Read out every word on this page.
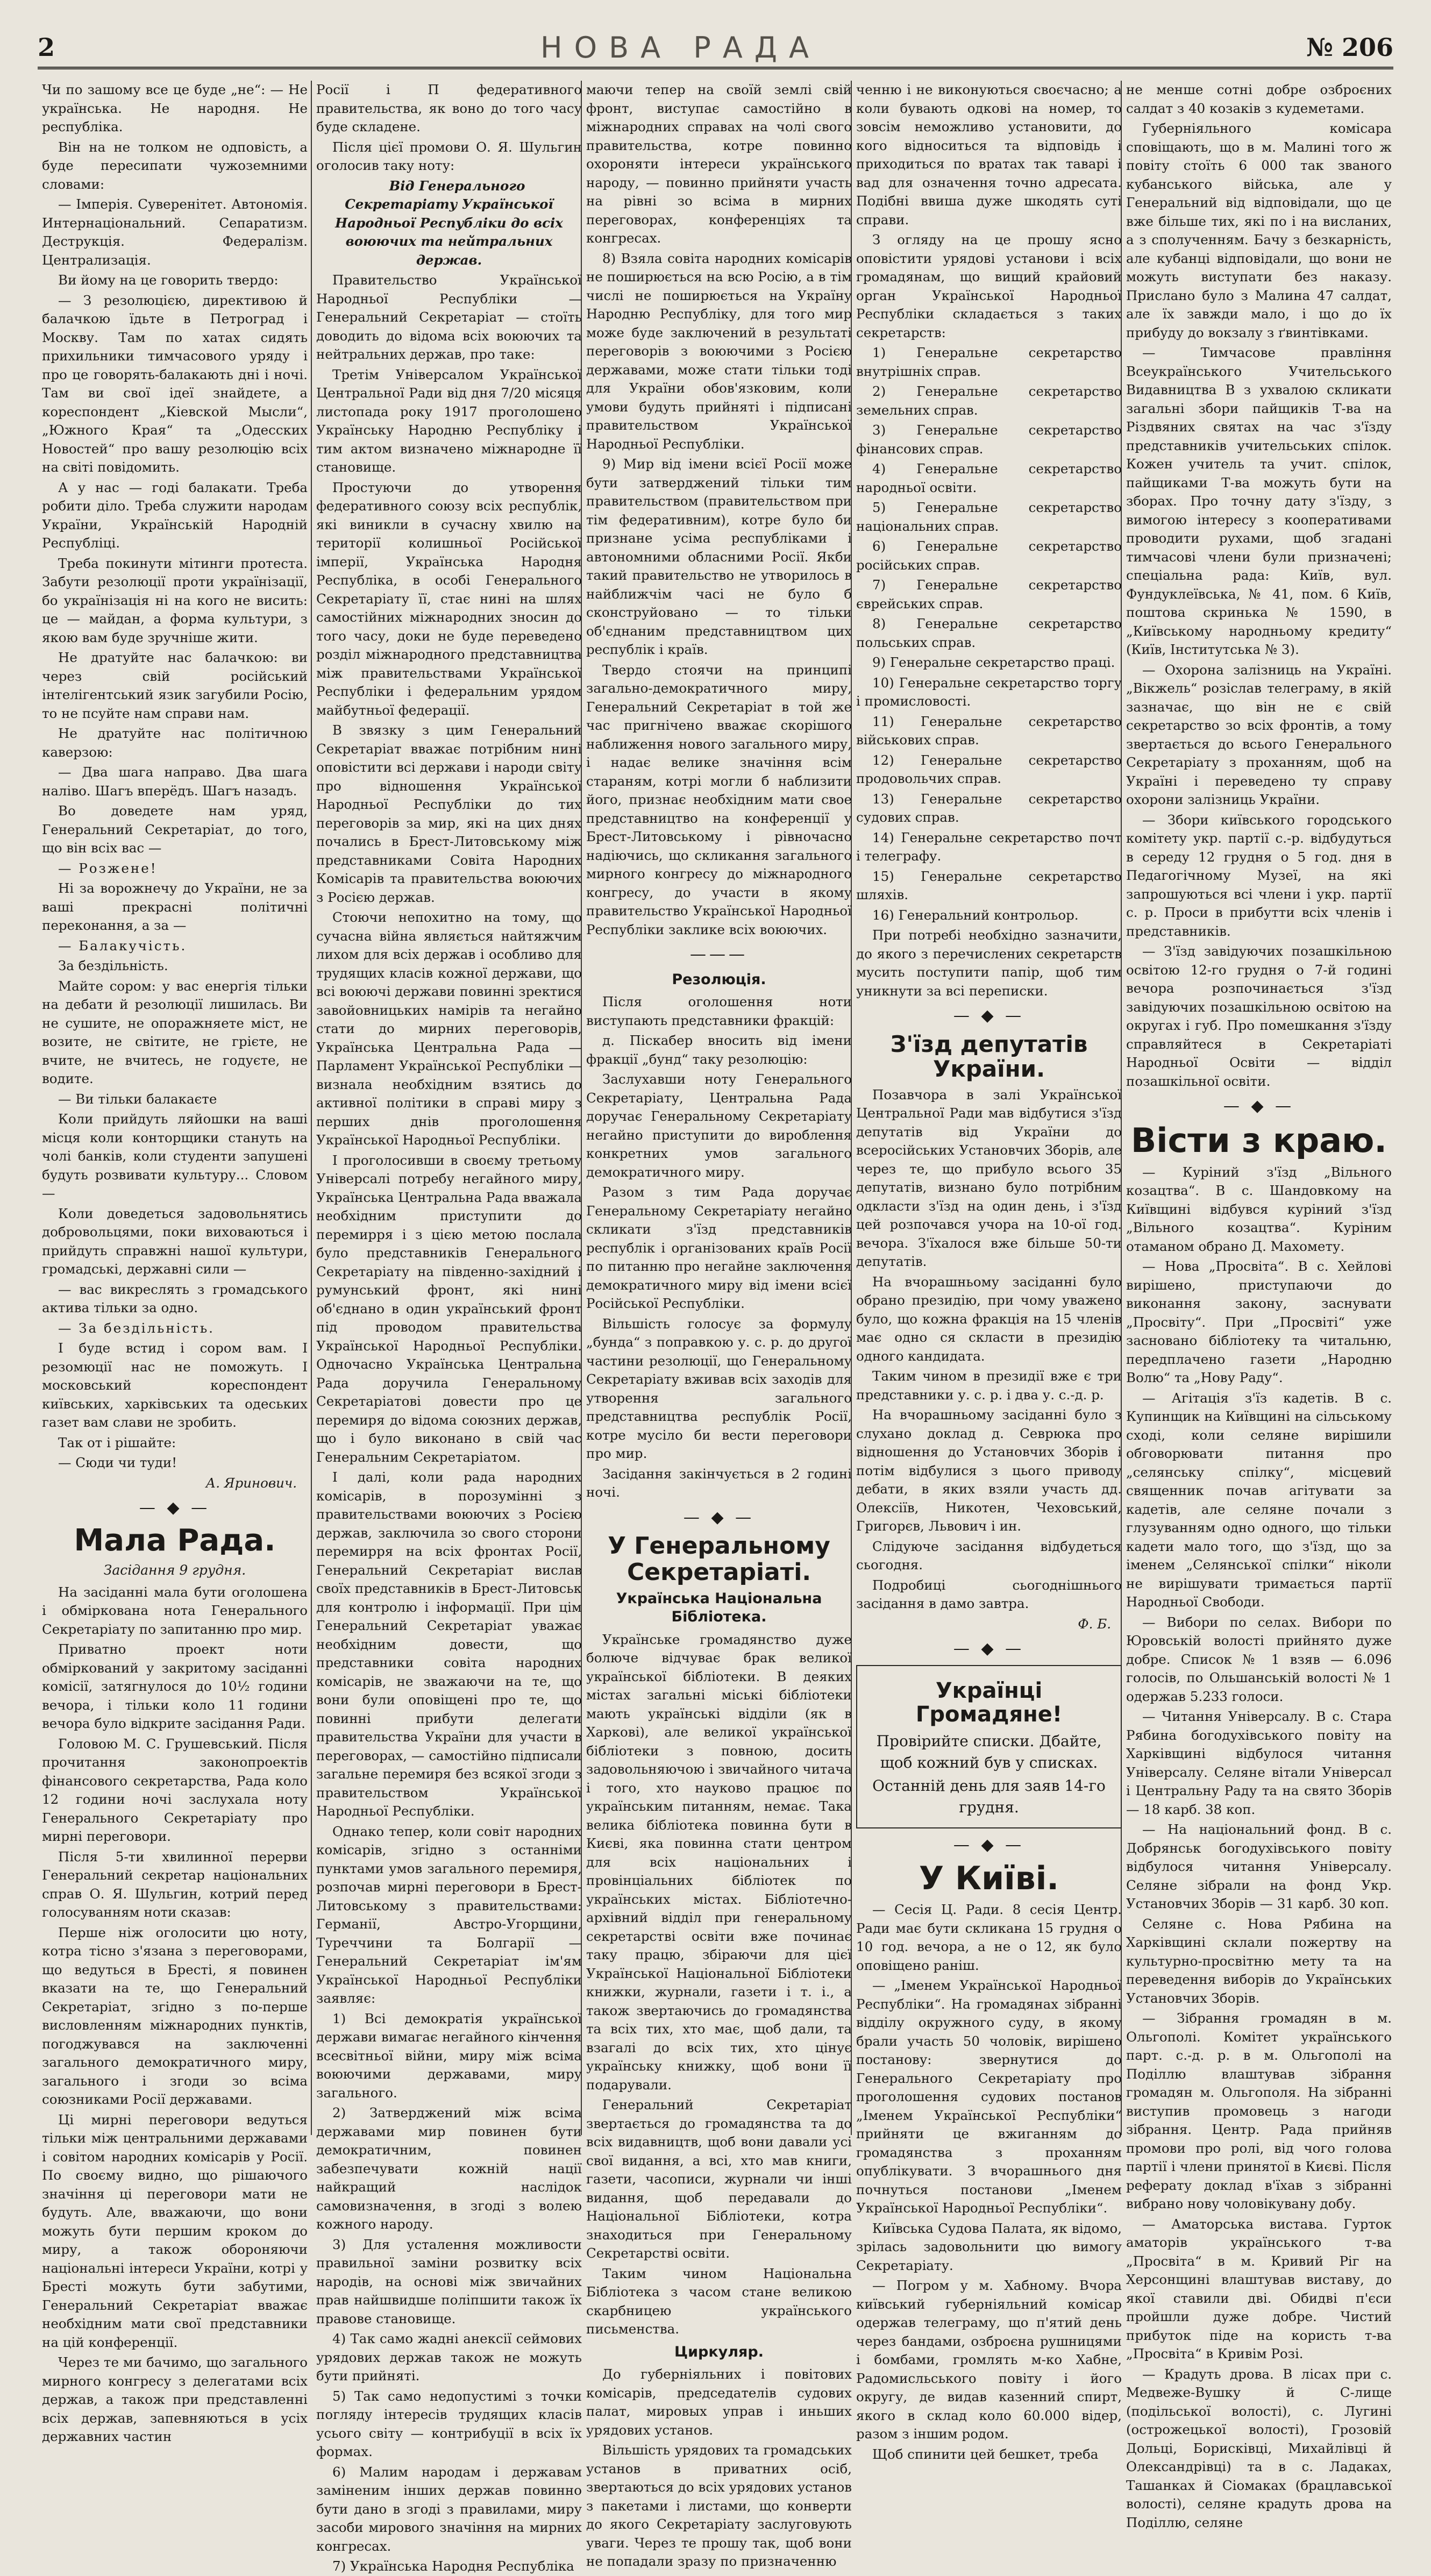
2	НОВА РАДА	№ 206

Чи по зашому все це буде „не“: — Не українська. Не народня. Не республіка.

Він на не толком не одповість, а буде пересипати чужоземними словами:

— Імперія. Суверенітет. Автономія. Интернаціональний. Сепаратизм. Деструкція. Федералізм. Централизація.

Ви йому на це говорить твердо:

— З резолюцією, директивою й балачкою їдьте в Петроград і Москву. Там по хатах сидять прихильники тимчасового уряду і про це говорять-балакають дні і ночі. Там ви свої ідеї знайдете, а кореспондент „Кіевской Мысли“, „Южного Края“ та „Одесских Новостей“ про вашу резолюцію всіх на світі повідомить.

А у нас — годі балакати. Треба робити діло. Треба служити народам України, Українській Народній Республіці.

Треба покинути мітинги протеста. Забути резолюції проти українізації, бо українізація ні на кого не висить: це — майдан, а форма культури, з якою вам буде зручніше жити.

Не дратуйте нас балачкою: ви через свій російський інтелігентський язик загубили Росію, то не псуйте нам справи нам.

Не дратуйте нас політичною каверзою:

— Два шага направо. Два шага наліво. Шагъ вперёдъ. Шагъ назадъ.

Во доведете нам уряд, Генеральний Секретаріат, до того, що він всіх вас —

— Розжене!

Ні за ворожнечу до України, не за ваші прекрасні політичні переконання, а за —

— Балакучість.

За бездільність.

Майте сором: у вас енергія тільки на дебати й резолюції лишилась. Ви не сушите, не опоражняете міст, не возите, не світите, не грієте, не вчите, не вчитесь, не годуєте, не водите.

— Ви тільки балакаєте

Коли прийдуть ляйошки на ваші місця коли конторщики стануть на чолі банків, коли студенти запушені будуть розвивати культуру... Словом —

Коли доведеться задовольнятись добровольцями, поки виховаються і прийдуть справжні нашої культури, громадські, державні сили —

— вас викреслять з громадського актива тільки за одно.

— За бездільність.

І буде встид і сором вам. І резомюції нас не поможуть. І московський кореспондент київських, харківських та одеських газет вам слави не зробить.

Так от і рішайте:

— Сюди чи туди!

А. Яринович.

— ◆ —
Мала Рада.
Засідання 9 грудня.

На засіданні мала бути оголошена і обміркована нота Генерального Секретаріату по запитанню про мир.

Приватно проект ноти обміркований у закритому засіданні комісії, затягнулося до 10½ години вечора, і тільки коло 11 години вечора було відкрите засідання Ради.

Головою М. С. Грушевський. Після прочитання законопроектів фінансового секретарства, Рада коло 12 години ночі заслухала ноту Генерального Секретаріату про мирні переговори.

Після 5-ти хвилинної перерви Генеральний секретар національних справ О. Я. Шульгин, котрий перед голосуванням ноти сказав:

Перше ніж оголосити цю ноту, котра тісно з'язана з переговорами, що ведуться в Бресті, я повинен вказати на те, що Генеральний Секретаріат, згідно з по-перше висловленням міжнародних пунктів, погоджувався на заключенні загального демократичного миру, загального і згоди зо всіма союзниками Росії державами.

Ці мирні переговори ведуться тільки між центральними державами і совітом народних комісарів у Росії. По своєму видно, що рішаючого значіння ці переговори мати не будуть. Але, вважаючи, що вони можуть бути першим кроком до миру, а також обороняючи національні інтереси України, котрі у Бресті можуть бути забутими, Генеральний Секретаріат вважає необхідним мати свої представники на цій конференції.

Через те ми бачимо, що загального мирного конгресу з делегатами всіх держав, а також при представленні всіх держав, запевняються в усіх державних частин

Росії і П федеративного правительства, як воно до того часу буде складене.

Після цієї промови О. Я. Шульгин оголосив таку ноту:

Від Генерального Секретаріату Української Народньої Республіки до всіх воюючих та нейтральних держав.

Правительство Української Народньої Республіки — Генеральний Секретаріат — стоїть доводить до відома всіх воюючих та нейтральних держав, про таке:

Третім Універсалом Української Центральної Ради від дня 7/20 місяця листопада року 1917 проголошено Українську Народню Республіку і тим актом визначено міжнародне її становище.

Простуючи до утворення федеративного союзу всіх республік, які виникли в сучасну хвилю на території колишньої Російської імперії, Українська Народня Республіка, в особі Генерального Секретаріату її, стає нині на шлях самостійних міжнародних зносин до того часу, доки не буде переведено розділ міжнародного представництва між правительствами Української Республіки і федеральним урядом майбутньої федерації.

В звязку з цим Генеральний Секретаріат вважає потрібним нині оповістити всі держави і народи світу про відношення Української Народньої Республіки до тих переговорів за мир, які на цих днях почались в Брест-Литовському між представниками Совіта Народних Комісарів та правительства воюючих з Росією держав.

Стоючи непохитно на тому, що сучасна війна являється найтяжчим лихом для всіх держав і особливо для трудящих класів кожної держави, що всі воюючі держави повинні зректися завойовницьких намірів та негайно стати до мирних переговорів, Українська Центральна Рада — Парламент Української Республіки — визнала необхідним взятись до активної політики в справі миру з перших днів проголошення Української Народньої Республіки.

І проголосивши в своєму третьому Універсалі потребу негайного миру, Українська Центральна Рада вважала необхідним приступити до перемирря і з цією метою послала було представників Генерального Секретаріату на південно-західний і румунський фронт, які нині об'єднано в один український фронт під проводом правительства Української Народньої Республіки. Одночасно Українська Центральна Рада доручила Генеральному Секретаріатові довести про це перемиря до відома союзних держав, що і було виконано в свій час Генеральним Секретаріатом.

І далі, коли рада народних комісарів, в порозумінні з правительствами воюючих з Росією держав, заключила зо свого сторони перемирря на всіх фронтах Росії, Генеральний Секретаріат вислав своїх представників в Брест-Литовськ для контролю і інформації. При цім Генеральний Секретаріат уважає необхідним довести, що представники совіта народних комісарів, не зважаючи на те, що вони були оповіщені про те, що повинні прибути делегати правительства України для участи в переговорах, — самостійно підписали загальне перемиря без всякої згоди з правительством Української Народньої Республіки.

Однако тепер, коли совіт народних комісарів, згідно з останніми пунктами умов загального перемиря, розпочав мирні переговори в Брест-Литовському з правительствами: Германії, Австро-Угорщини, Туреччини та Болгарії — Генеральний Секретаріат ім'ям Української Народньої Республіки заявляє:

1) Всі демократія української держави вимагає негайного кінчення всесвітньої війни, миру між всіма воюючими державами, миру загального.

2) Затверджений між всіма державами мир повинен бути демократичним, повинен забезпечувати кожній нації найкращий наслідок самовизначення, в згоді з волею кожного народу.

3) Для усталення можливости правильної заміни розвитку всіх народів, на основі між звичайних прав найшвидше поліпшити також їх правове становище.

4) Так само жадні анексії сеймових урядових держав також не можуть бути прийняті.

5) Так само недопустимі з точки погляду інтересів трудящих класів усього світу — контрибуції в всіх їх формах.

6) Малим народам і державам заміненим інших держав повинно бути дано в згоді з правилами, миру засоби мирового значіння на мирних конгресах.

7) Українська Народня Республіка

маючи тепер на своїй землі свій фронт, виступає самостійно в міжнародних справах на чолі свого правительства, котре повинно охороняти інтереси українського народу, — повинно прийняти участь на рівні зо всіма в мирних переговорах, конференціях та конгресах.

8) Взяла совіта народних комісарів не поширюється на всю Росію, а в тім числі не поширюється на Україну Народню Республіку, для того мир може буде заключений в результаті переговорів з воюючими з Росією державами, може стати тільки тоді для України обов'язковим, коли умови будуть прийняті і підписані правительством Української Народньої Республіки.

9) Мир від імени всієї Росії може бути затверджений тільки тим правительством (правительством при тім федеративним), котре було би признане усіма республіками і автономними обласними Росії. Якби такий правительство не утворилось в найближчім часі не було б сконструйовано — то тільки об'єднаним представництвом цих республік і країв.

Твердо стоячи на принципі загально-демократичного миру, Генеральний Секретаріат в той же час пригнічено вважає скорішого наближення нового загального миру, і надає велике значіння всім стараням, котрі могли б наблизити його, признає необхідним мати свое представництво на конференції у Брест-Литовському і рівночасно надіючись, що скликання загального мирного конгресу до міжнародного конгресу, до участи в якому правительство Української Народньої Республіки заклике всіх воюючих.

———
Резолюція.

Після оголошення ноти виступають представники фракцій:

д. Піскабер вносить від імени фракції „бунд“ таку резолюцію:

Заслухавши ноту Генерального Секретаріату, Центральна Рада доручає Генеральному Секретаріату негайно приступити до вироблення конкретних умов загального демократичного миру.

Разом з тим Рада доручає Генеральному Секретаріату негайно скликати з'їзд представників республік і організованих країв Росії по питанню про негайне заключення демократичного миру від імени всієї Російської Республіки.

Вільшість голосує за формулу „бунда“ з поправкою у. с. р. до другої частини резолюції, що Генеральному Секретаріату вживав всіх заходів для утворення загального представництва республік Росії, котре мусіло би вести переговори про мир.

Засідання закінчується в 2 годині ночі.

— ◆ —
У Генеральному Секретаріаті.
Українська Національна Бібліотека.

Українське громадянство дуже болюче відчуває брак великої української бібліотеки. В деяких містах загальні міські бібліотеки мають українські відділи (як в Харкові), але великої української бібліотеки з повною, досить задовольняючою і звичайного читача і того, хто науково працює по українським питанням, немає. Така велика бібліотека повинна бути в Києві, яка повинна стати центром для всіх національних і провінціальних бібліотек по українських містах. Бібліотечно-архівний відділ при генеральному секретарстві освіти вже починає таку працю, збіраючи для цієї Української Національної Бібліотеки книжки, журнали, газети і т. і., а також звертаючись до громадянства та всіх тих, хто має, щоб дали, та взагалі до всіх тих, хто цінує українську книжку, щоб вони її подарували.

Генеральний Секретаріат звертається до громадянства та до всіх видавництв, щоб вони давали усі свої видання, а всі, хто мав книги, газети, часописи, журнали чи інші видання, щоб передавали до Національної Бібліотеки, котра знаходиться при Генеральному Секретарстві освіти.

Таким чином Національна Бібліотека з часом стане великою скарбницею українського письменства.

Циркуляр.

До губерніяльних і повітових комісарів, председателів судових палат, мировых управ і иньших урядових установ.

Вільшість урядових та громадських установ в приватних осіб, звертаються до всіх урядових установ з пакетами і листами, що конверти до якого Секретаріату заслуговують уваги. Через те прошу так, щоб вони не попадали зразу по призначенню

ченню і не виконуються своєчасно; а коли бувають одкові на номер, то зовсім неможливо установити, до кого відноситься та відповідь і приходиться по вратах так таварі і вад для означення точно адресата. Подібні ввиша дуже шкодять сутi справи.

З огляду на це прошу ясно оповістити урядові установи і всіх громадянам, що вищий крайовий орган Української Народньої Республіки складається з таких секретарств:

1) Генеральне секретарство внутрішніх справ.

2) Генеральне секретарство земельних справ.

3) Генеральне секретарство фінансових справ.

4) Генеральне секретарство народньої освіти.

5) Генеральне секретарство національних справ.

6) Генеральне секретарство російських справ.

7) Генеральне секретарство єврейських справ.

8) Генеральне секретарство польських справ.

9) Генеральне секретарство праці.

10) Генеральне секретарство торгу і промисловості.

11) Генеральне секретарство військових справ.

12) Генеральне секретарство продовольчих справ.

13) Генеральне секретарство судових справ.

14) Генеральне секретарство почт і телеграфу.

15) Генеральне секретарство шляхів.

16) Генеральний контрольор.

При потребі необхідно зазначити, до якого з перечислених секретарств мусить поступити папір, щоб тим уникнути за всі переписки.

— ◆ —
З'їзд депутатів України.

Позавчора в залі Української Центральної Ради мав відбутися з'їзд депутатів від України до всеросійських Установчих Зборів, але через те, що прибуло всього 35 депутатів, визнано було потрібним одкласти з'їзд на один день, і з'їзд цей розпочався учора на 10-ої год. вечора. З'їхалося вже більше 50-ти депутатів.

На вчорашньому засіданні було обрано президію, при чому уважено було, що кожна фракція на 15 членів має одно ся скласти в президію одного кандидата.

Таким чином в президії вже є три представники у. с. р. і два у. с.-д. р.

На вчорашньому засіданні було з слухано доклад д. Севрюка про відношення до Установчих Зборів і потім відбулися з цього приводу дебати, в яких взяли участь дд. Олексіїв, Никотен, Чеховський, Григорєв, Львович і ин.

Слідуюче засідання відбудеться сьогодня.

Подробиці сьогоднішнього засідання в дамо завтра.

Ф. Б.

— ◆ —
Українці Громадяне!

Провірийте списки. Дбайте, щоб кожний був у списках.

Останній день для заяв 14-го грудня.

— ◆ —
У Київі.

— Сесія Ц. Ради. 8 сесія Центр. Ради має бути скликана 15 грудня о 10 год. вечора, а не о 12, як було оповіщено раніш.

— „Іменем Української Народньої Республіки“. На громадянах зібранні відділу окружного суду, в якому брали участь 50 чоловік, вирішено постанову: звернутися до Генерального Секретаріату про проголошення судових постанов „Іменем Української Республіки“ прийняти це вжиганням до громадянства з проханням опублікувати. З вчорашнього дня почнуться постанови „Іменем Української Народньої Республіки“.

Київська Судова Палата, як відомо, зрілась задовольнити цю вимогу Секретаріату.

— Погром у м. Хабному. Вчора київський губерніяльний комісар одержав телеграму, що п'ятий день через бандами, озброєна рушницями і бомбами, громлять м-ко Хабне, Радомисльського повіту і його округу, де видав казенний спирт, якого в склад коло 60.000 відер, разом з іншим родом.

Щоб спинити цей бешкет, треба

не менше сотні добре озброєних салдат з 40 козаків з кудеметами.

Губерніяльного комісара сповіщають, що в м. Малині того ж повіту стоїть 6 000 так званого кубанського війська, але у Генеральний від відповідали, що це вже більше тих, які по і на висланих, а з сполученням. Бачу з безкарність, але кубанці відповідали, що вони не можуть виступати без наказу. Прислано було з Малина 47 салдат, але їх завжди мало, і що до їх прибуду до вокзалу з ґвинтівками.

— Тимчасове правління Всеукраїнського Учительського Видавництва В з ухвалою скликати загальні збори пайщиків Т-ва на Різдвяних святах на час з'їзду представників учительських спілок. Кожен учитель та учит. спілок, пайщиками Т-ва можуть бути на зборах. Про точну дату з'їзду, з вимогою інтересу з кооперативами проводити рухами, щоб згадані тимчасові члени були призначені; спеціальна рада: Київ, вул. Фундуклеївська, № 41, пом. 6 Київ, поштова скринька № 1590, в „Київському народньому кредиту“ (Київ, Інститутська № 3).

— Охорона залізниць на Україні. „Вікжель“ розіслав телеграму, в якій зазначає, що він не є свій секретарство зо всіх фронтів, а тому звертається до всього Генерального Секретаріату з проханням, щоб на Україні і переведено ту справу охорони залізниць України.

— Збори київського городського комітету укр. партії с.-р. відбудуться в середу 12 грудня о 5 год. дня в Педагогічному Музеї, на які запрошуються всі члени і укр. партії с. р. Проси в прибутти всіх членів і представників.

— З'їзд завідуючих позашкільною освітою 12-го грудня о 7-й годині вечора розпочинається з'їзд завідуючих позашкільною освітою на округах і губ. Про помешкання з'їзду справляйтеся в Секретаріаті Народньої Освіти — відділ позашкільної освіти.

— ◆ —
Вісти з краю.

— Куріний з'їзд „Вільного козацтва“. В с. Шандовкому на Київщині відбувся куріний з'їзд „Вільного козацтва“. Куріним отаманом обрано Д. Махомету.

— Нова „Просвіта“. В с. Хейлові вирішено, приступаючи до виконання закону, заснувати „Просвіту“. При „Просвіті“ уже засновано бібліотеку та читальню, передплачено газети „Народню Волю“ та „Нову Раду“.

— Агітація з'їз кадетів. В с. Купинщик на Київщині на сільському сході, коли селяне вирішили обговорювати питання про „селянську спілку“, місцевий священник почав агітувати за кадетів, але селяне почали з глузуванням одно одного, що тільки кадети мало того, що з'їзд, що за іменем „Селянської спілки“ ніколи не вирішувати тримається партії Народньої Свободи.

— Вибори по селах. Вибори по Юровській волості прийнято дуже добре. Список № 1 взяв — 6.096 голосів, по Ольшанській волості № 1 одержав 5.233 голоси.

— Читання Універсалу. В с. Стара Рябина богодухівського повіту на Харківщині відбулося читання Універсалу. Селяне вітали Універсал і Центральну Раду та на свято Зборів — 18 карб. 38 коп.

— На національний фонд. В с. Добрянськ богодухівського повіту відбулося читання Універсалу. Селяне зібрали на фонд Укр. Установчих Зборів — 31 карб. 30 коп.

Селяне с. Нова Рябина на Харківщині склали пожертву на культурно-просвітню мету та на переведення виборів до Українських Установчих Зборів.

— Зібрання громадян в м. Ольгополі. Комітет українського парт. с.-д. р. в м. Ольгополі на Поділлю влаштував зібрання громадян м. Ольгополя. На зібранні виступив промовець з нагоди зібрання. Центр. Рада прийняв промови про ролі, від чого голова партії і члени принятої в Києві. Після реферату доклад в'їхав з зібранні вибрано нову чоловікувану добу.

— Аматорська вистава. Гурток аматорів українського т-ва „Просвіта“ в м. Кривий Ріг на Херсонщині влаштував виставу, до якої ставили дві. Обидві п'єси пройшли дуже добре. Чистий прибуток піде на користь т-ва „Просвіта“ в Кривім Розі.

— Крадуть дрова. В лісах при с. Медвеже-Вушку й С-лище (подільської волості), с. Лугині (острожецької волості), Грозовій Дольці, Борисківці, Михайлівці й Олександрівці) та в с. Ладаках, Ташанках й Сіомаках (брацлавської волості), селяне крадуть дрова на Поділлю, селяне
